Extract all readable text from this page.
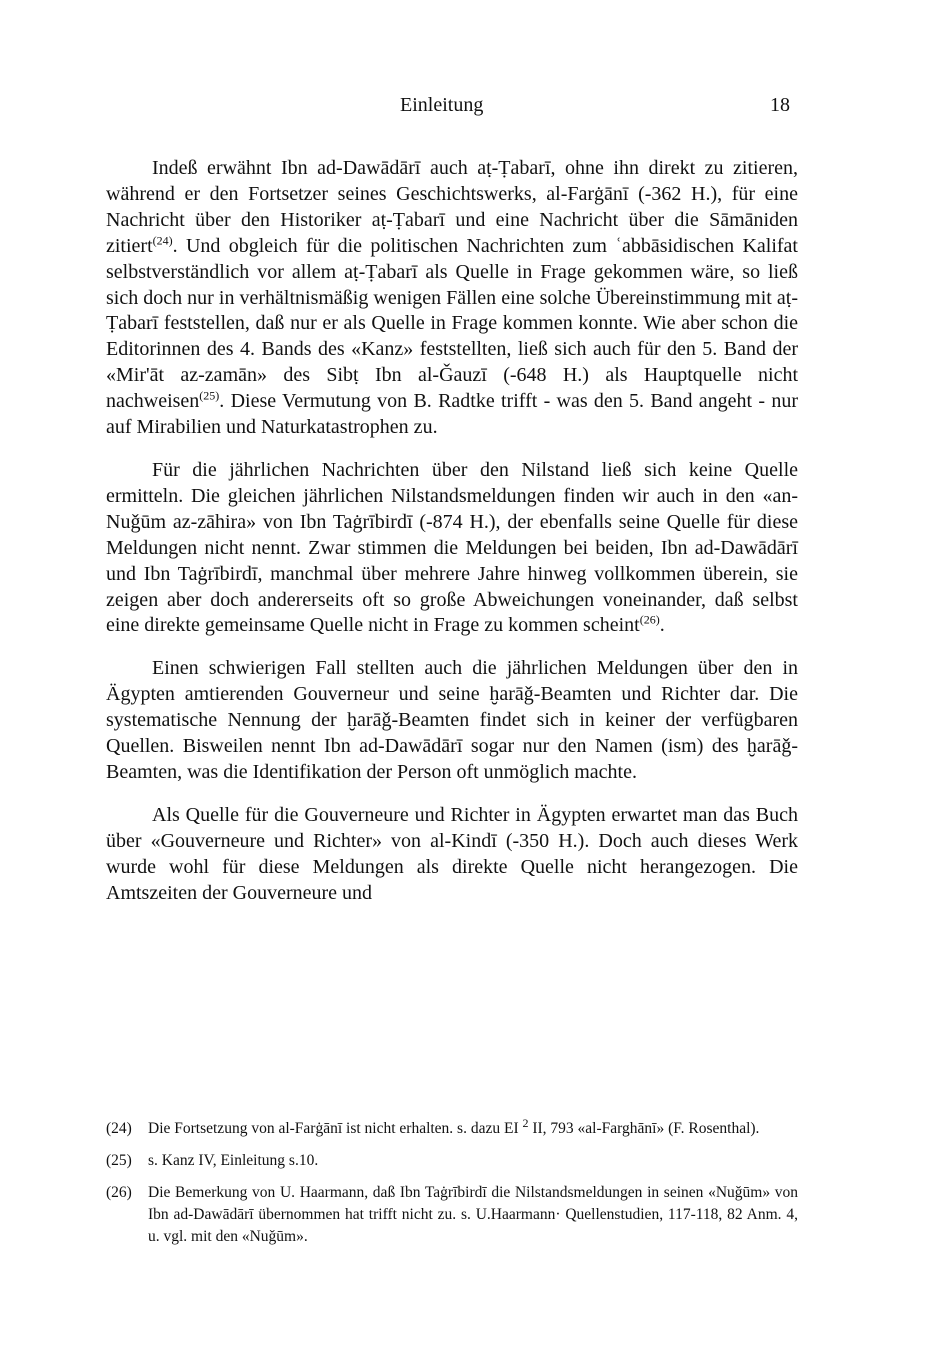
Einleitung	18

Indeß erwähnt Ibn ad-Dawādārī auch aṭ-Ṭabarī, ohne ihn direkt zu zitieren, während er den Fortsetzer seines Geschichtswerks, al-Farġānī (-362 H.), für eine Nachricht über den Historiker aṭ-Ṭabarī und eine Nachricht über die Sāmāniden zitiert$^{(24)}$. Und obgleich für die politischen Nachrichten zum ʿabbāsidischen Kalifat selbstverständlich vor allem aṭ-Ṭabarī als Quelle in Frage gekommen wäre, so ließ sich doch nur in verhältnismäßig wenigen Fällen eine solche Übereinstimmung mit aṭ-Ṭabarī feststellen, daß nur er als Quelle in Frage kommen konnte. Wie aber schon die Editorinnen des 4. Bands des «Kanz» feststellten, ließ sich auch für den 5. Band der «Mir'āt az-zamān» des Sibṭ Ibn al-Ǧauzī (-648 H.) als Hauptquelle nicht nachweisen$^{(25)}$. Diese Vermutung von B. Radtke trifft - was den 5. Band angeht - nur auf Mirabilien und Naturkatastrophen zu.

Für die jährlichen Nachrichten über den Nilstand ließ sich keine Quelle ermitteln. Die gleichen jährlichen Nilstandsmeldungen finden wir auch in den «an-Nuǧūm az-zāhira» von Ibn Taġrībirdī (-874 H.), der ebenfalls seine Quelle für diese Meldungen nicht nennt. Zwar stimmen die Meldungen bei beiden, Ibn ad-Dawādārī und Ibn Taġrībirdī, manchmal über mehrere Jahre hinweg vollkommen überein, sie zeigen aber doch andererseits oft so große Abweichungen voneinander, daß selbst eine direkte gemeinsame Quelle nicht in Frage zu kommen scheint$^{(26)}$.

Einen schwierigen Fall stellten auch die jährlichen Meldungen über den in Ägypten amtierenden Gouverneur und seine ḫarāǧ-Beamten und Richter dar. Die systematische Nennung der ḫarāǧ-Beamten findet sich in keiner der verfügbaren Quellen. Bisweilen nennt Ibn ad-Dawādārī sogar nur den Namen (ism) des ḫarāǧ-Beamten, was die Identifikation der Person oft unmöglich machte.

Als Quelle für die Gouverneure und Richter in Ägypten erwartet man das Buch über «Gouverneure und Richter» von al-Kindī (-350 H.). Doch auch dieses Werk wurde wohl für diese Meldungen als direkte Quelle nicht herangezogen. Die Amtszeiten der Gouverneure und

(24) Die Fortsetzung von al-Farġānī ist nicht erhalten. s. dazu EI $^2$ II, 793 «al-Farghānī» (F. Rosenthal).
(25) s. Kanz IV, Einleitung s.10.
(26) Die Bemerkung von U. Haarmann, daß Ibn Taġrībirdī die Nilstandsmeldungen in seinen «Nuǧūm» von Ibn ad-Dawādārī übernommen hat trifft nicht zu. s. U.Haarmann· Quellenstudien, 117-118, 82 Anm. 4, u. vgl. mit den «Nuǧūm».
